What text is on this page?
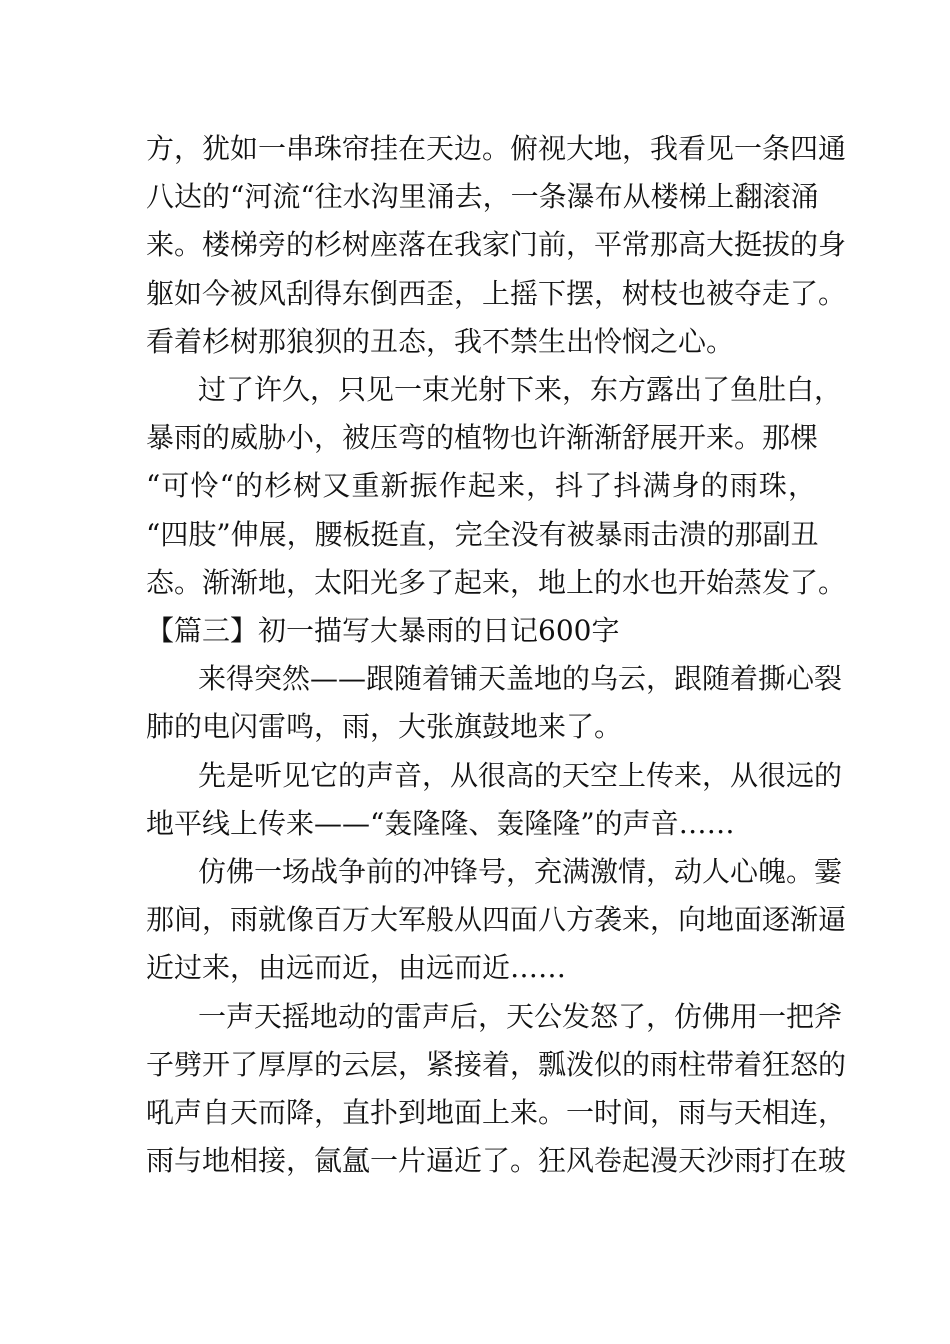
方，犹如一串珠帘挂在天边。俯视大地，我看见一条四通
八达的“河流“往水沟里涌去，一条瀑布从楼梯上翻滚涌
来。楼梯旁的杉树座落在我家门前，平常那高大挺拔的身
躯如今被风刮得东倒西歪，上摇下摆，树枝也被夺走了。
看着杉树那狼狈的丑态，我不禁生出怜悯之心。
过了许久，只见一束光射下来，东方露出了鱼肚白，
暴雨的威胁小，被压弯的植物也许渐渐舒展开来。那棵
“可怜“的杉树又重新振作起来，抖了抖满身的雨珠，
“四肢”伸展，腰板挺直，完全没有被暴雨击溃的那副丑
态。渐渐地，太阳光多了起来，地上的水也开始蒸发了。
【篇三】初一描写大暴雨的日记600字
来得突然——跟随着铺天盖地的乌云，跟随着撕心裂
肺的电闪雷鸣，雨，大张旗鼓地来了。
先是听见它的声音，从很高的天空上传来，从很远的
地平线上传来——“轰隆隆、轰隆隆”的声音……
仿佛一场战争前的冲锋号，充满激情，动人心魄。霎
那间，雨就像百万大军般从四面八方袭来，向地面逐渐逼
近过来，由远而近，由远而近……
一声天摇地动的雷声后，天公发怒了，仿佛用一把斧
子劈开了厚厚的云层，紧接着，瓢泼似的雨柱带着狂怒的
吼声自天而降，直扑到地面上来。一时间，雨与天相连，
雨与地相接，氤氲一片逼近了。狂风卷起漫天沙雨打在玻
